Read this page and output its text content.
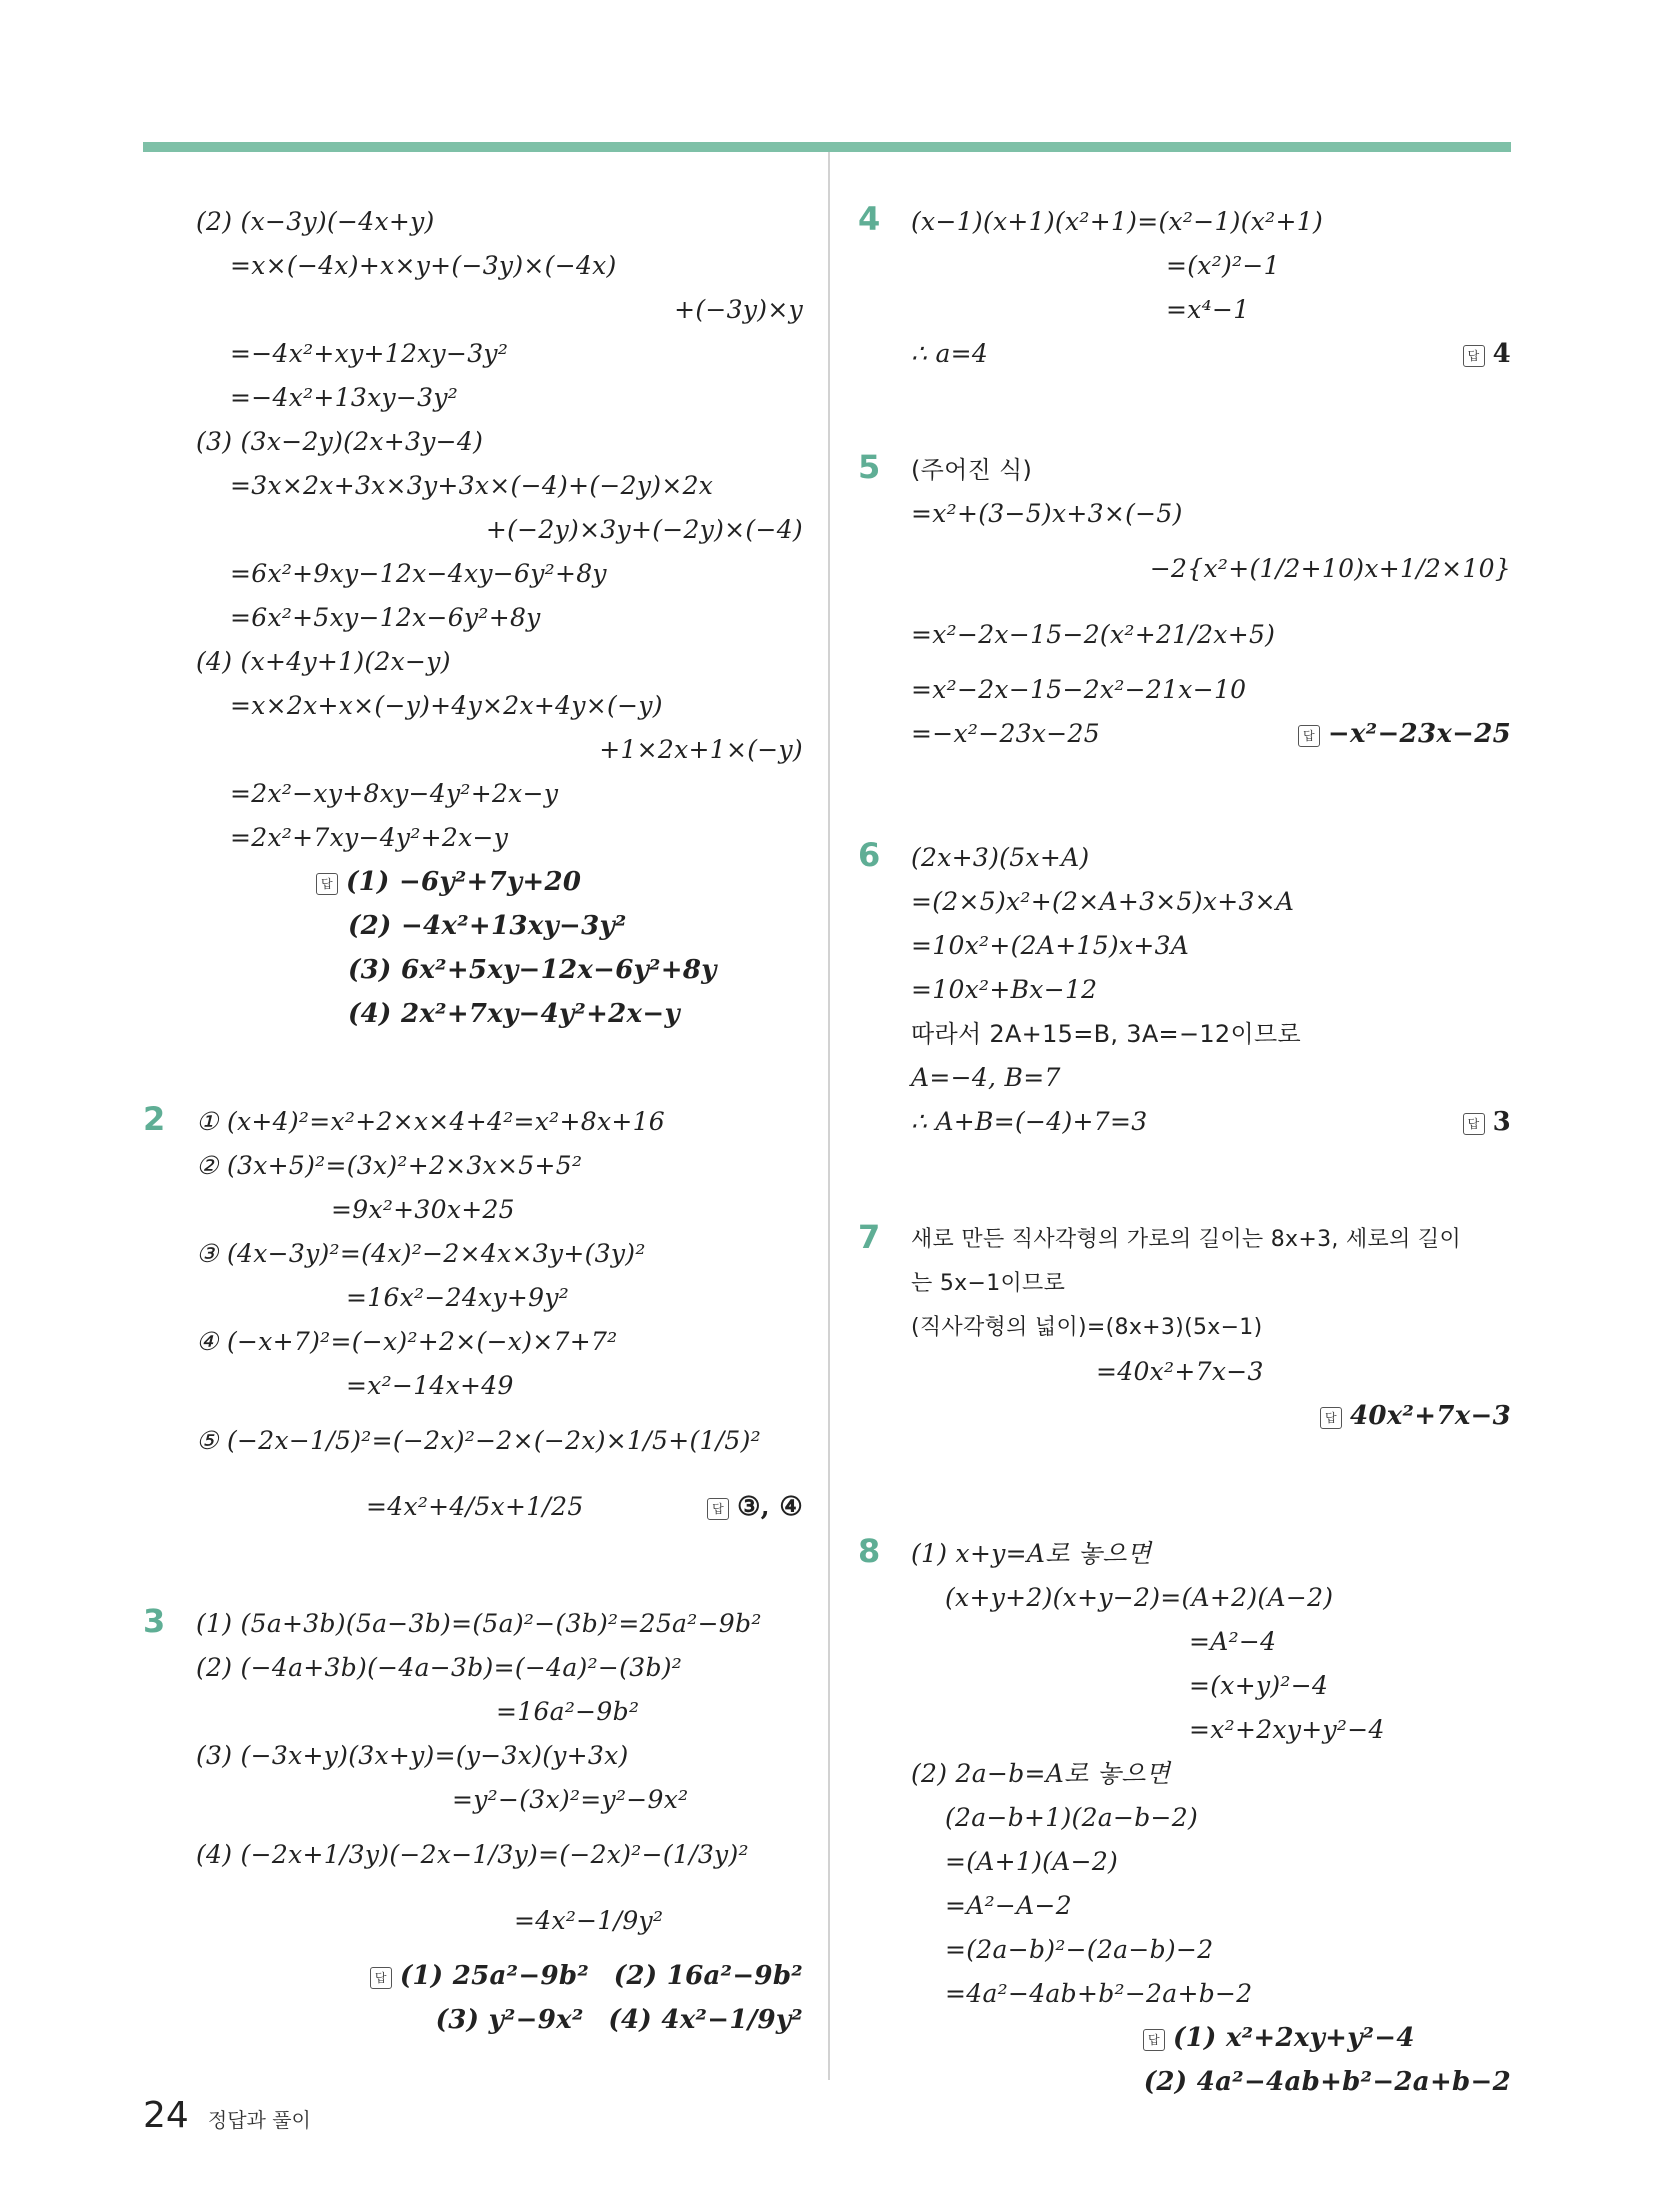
(2) (x−3y)(−4x+y)
=x×(−4x)+x×y+(−3y)×(−4x)
+(−3y)×y
=−4x²+xy+12xy−3y²
=−4x²+13xy−3y²
(3) (3x−2y)(2x+3y−4)
=3x×2x+3x×3y+3x×(−4)+(−2y)×2x
+(−2y)×3y+(−2y)×(−4)
=6x²+9xy−12x−4xy−6y²+8y
=6x²+5xy−12x−6y²+8y
(4) (x+4y+1)(2x−y)
=x×2x+x×(−y)+4y×2x+4y×(−y)
+1×2x+1×(−y)
=2x²−xy+8xy−4y²+2x−y
=2x²+7xy−4y²+2x−y
답 (1) −6y²+7y+20
(2) −4x²+13xy−3y²
(3) 6x²+5xy−12x−6y²+8y
(4) 2x²+7xy−4y²+2x−y
2	① (x+4)²=x²+2×x×4+4²=x²+8x+16
② (3x+5)²=(3x)²+2×3x×5+5²
=9x²+30x+25
③ (4x−3y)²=(4x)²−2×4x×3y+(3y)²
=16x²−24xy+9y²
④ (−x+7)²=(−x)²+2×(−x)×7+7²
=x²−14x+49
⑤ (−2x−1/5)²=(−2x)²−2×(−2x)×1/5+(1/5)²
=4x²+4/5x+1/25	답 ③, ④
3	(1) (5a+3b)(5a−3b)=(5a)²−(3b)²=25a²−9b²
(2) (−4a+3b)(−4a−3b)=(−4a)²−(3b)²
=16a²−9b²
(3) (−3x+y)(3x+y)=(y−3x)(y+3x)
=y²−(3x)²=y²−9x²
(4) (−2x+1/3y)(−2x−1/3y)=(−2x)²−(1/3y)²
=4x²−1/9y²
답 (1) 25a²−9b² (2) 16a²−9b²
(3) y²−9x² (4) 4x²−1/9y²
4	(x−1)(x+1)(x²+1)=(x²−1)(x²+1)
=(x²)²−1
=x⁴−1
∴ a=4	답 4
5	(주어진 식)
=x²+(3−5)x+3×(−5)
−2{x²+(1/2+10)x+1/2×10}
=x²−2x−15−2(x²+21/2x+5)
=x²−2x−15−2x²−21x−10
=−x²−23x−25	답 −x²−23x−25
6	(2x+3)(5x+A)
=(2×5)x²+(2×A+3×5)x+3×A
=10x²+(2A+15)x+3A
=10x²+Bx−12
따라서 2A+15=B, 3A=−12이므로
A=−4, B=7
∴ A+B=(−4)+7=3	답 3
7	새로 만든 직사각형의 가로의 길이는 8x+3, 세로의 길이
는 5x−1이므로
(직사각형의 넓이)=(8x+3)(5x−1)
=40x²+7x−3
답 40x²+7x−3
8	(1) x+y=A로 놓으면
(x+y+2)(x+y−2)=(A+2)(A−2)
=A²−4
=(x+y)²−4
=x²+2xy+y²−4
(2) 2a−b=A로 놓으면
(2a−b+1)(2a−b−2)
=(A+1)(A−2)
=A²−A−2
=(2a−b)²−(2a−b)−2
=4a²−4ab+b²−2a+b−2
답 (1) x²+2xy+y²−4
(2) 4a²−4ab+b²−2a+b−2
24 정답과 풀이
